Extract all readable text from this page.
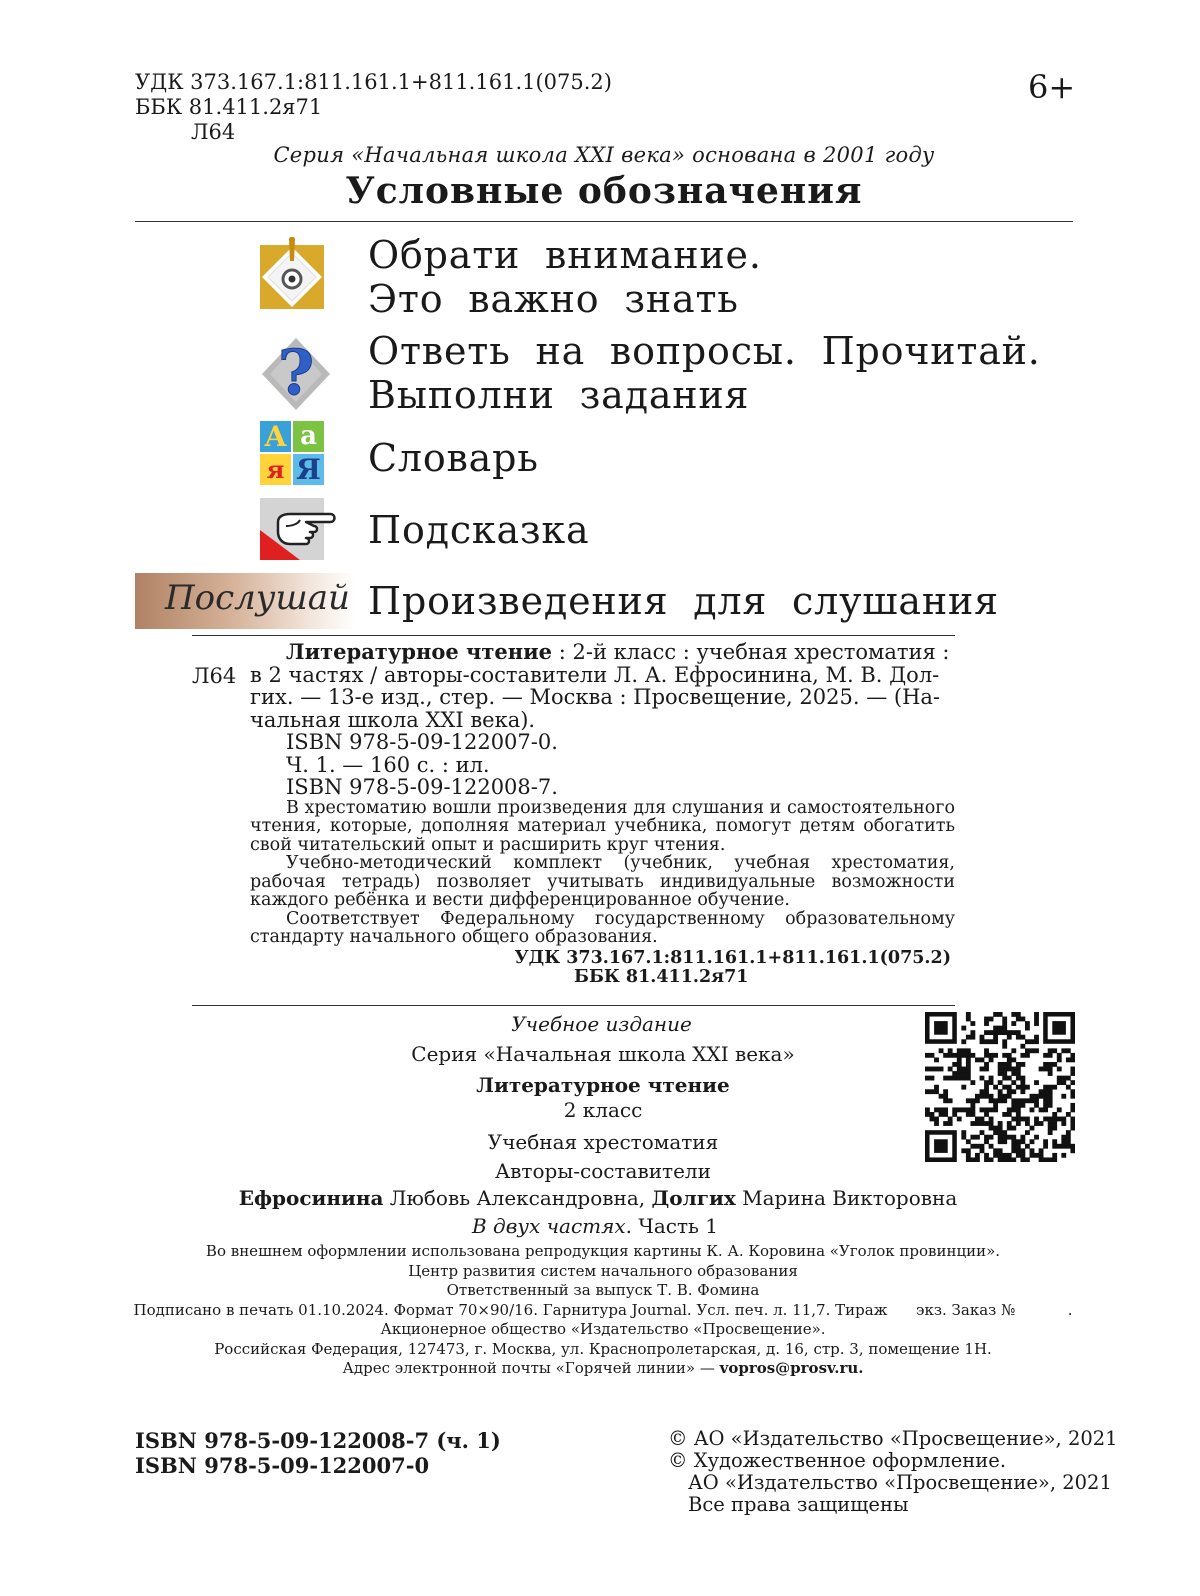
УДК 373.167.1:811.161.1+811.161.1(075.2)
ББК 81.411.2я71
Л64
6+
Серия «Начальная школа XXI века» основана в 2001 году
Условные обозначения
Обрати внимание.
Это важно знать
? Ответь на вопросы. Прочитай.
Выполни задания
А а
я Я Словарь
Подсказка
Послушай Произведения для слушания
Л64
Литературное чтение : 2-й класс : учебная хрестоматия :
в 2 частях / авторы-составители Л. А. Ефросинина, М. В. Дол-
гих. — 13-е изд., стер. — Москва : Просвещение, 2025. — (На-
чальная школа XXI века).
ISBN 978-5-09-122007-0.
Ч. 1. — 160 с. : ил.
ISBN 978-5-09-122008-7.
В хрестоматию вошли произведения для слушания и самостоятельного чтения, которые, дополняя материал учебника, помогут детям обогатить свой читательский опыт и расширить круг чтения.
Учебно-методический комплект (учебник, учебная хрестоматия, рабочая тетрадь) позволяет учитывать индивидуальные возможности каждого ребёнка и вести дифференцированное обучение.
Соответствует Федеральному государственному образовательному стандарту начального общего образования.
УДК 373.167.1:811.161.1+811.161.1(075.2)
ББК 81.411.2я71
Учебное издание
Серия «Начальная школа XXI века»
Литературное чтение
2 класс
Учебная хрестоматия
Авторы-составители
Ефросинина Любовь Александровна, Долгих Марина Викторовна
В двух частях. Часть 1
Во внешнем оформлении использована репродукция картины К. А. Коровина «Уголок провинции».
Центр развития систем начального образования
Ответственный за выпуск Т. В. Фомина
Подписано в печать 01.10.2024. Формат 70×90/16. Гарнитура Journal. Усл. печ. л. 11,7. Тираж      экз. Заказ №           .
Акционерное общество «Издательство «Просвещение».
Российская Федерация, 127473, г. Москва, ул. Краснопролетарская, д. 16, стр. 3, помещение 1Н.
Адрес электронной почты «Горячей линии» — vopros@prosv.ru.
ISBN 978-5-09-122008-7 (ч. 1)
ISBN 978-5-09-122007-0
© АО «Издательство «Просвещение», 2021
© Художественное оформление.
АО «Издательство «Просвещение», 2021
Все права защищены
